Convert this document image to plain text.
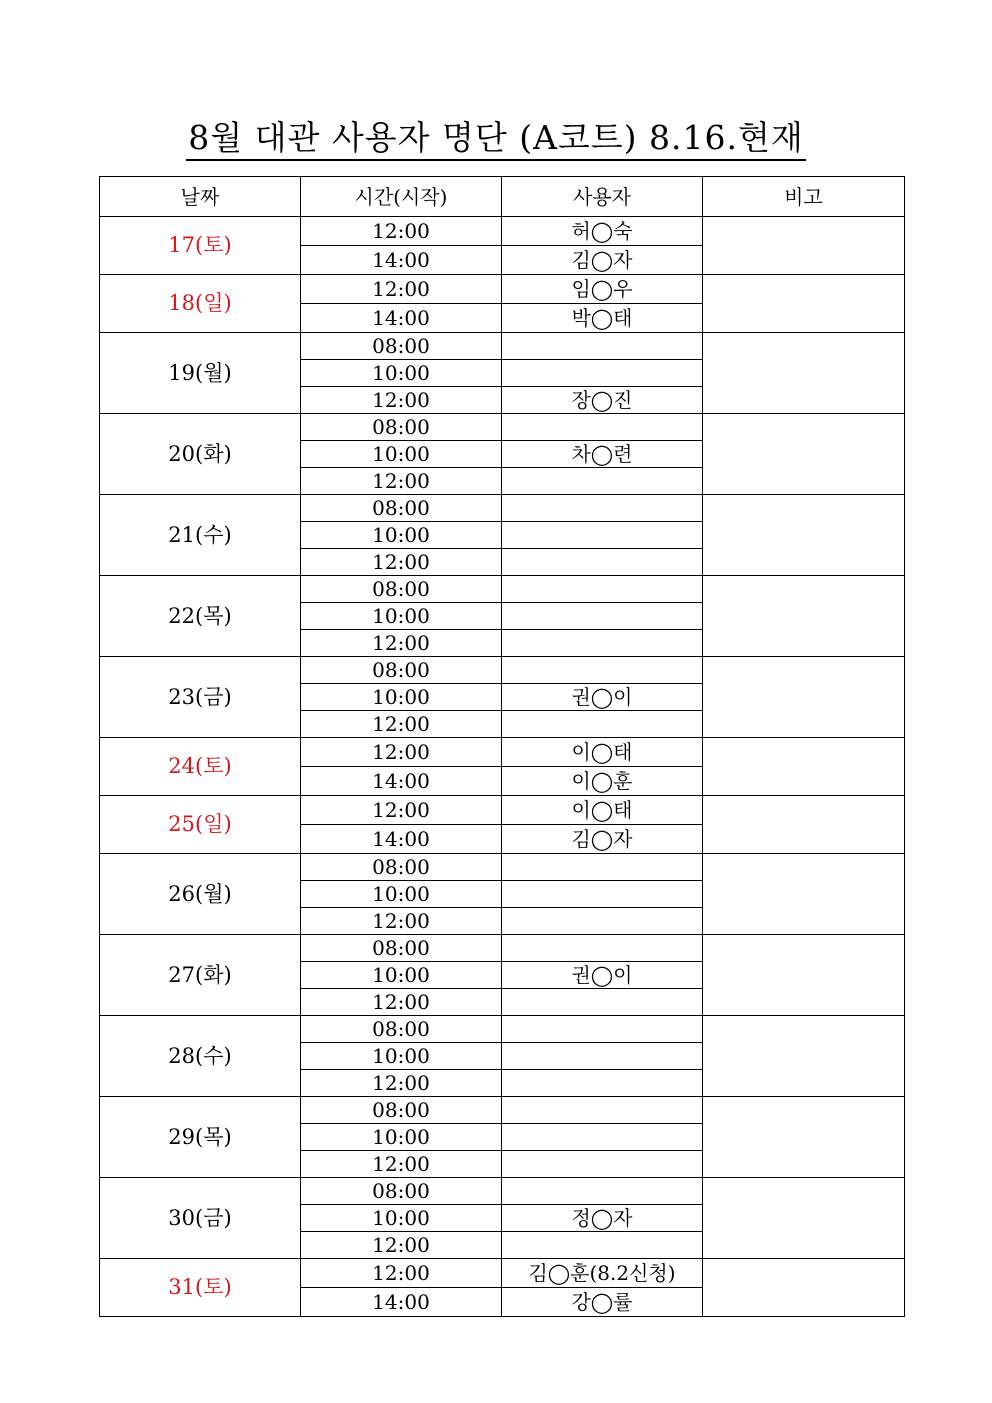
8월 대관 사용자 명단 (A코트) 8.16.현재
날짜	시간(시작)	사용자	비고
17(토)	12:00	허◯숙	
	14:00	김◯자	
18(일)	12:00	임◯우	
	14:00	박◯태	
19(월)	08:00		
	10:00		
	12:00	장◯진	
20(화)	08:00		
	10:00	차◯련	
	12:00		
21(수)	08:00		
	10:00		
	12:00		
22(목)	08:00		
	10:00		
	12:00		
23(금)	08:00		
	10:00	권◯이	
	12:00		
24(토)	12:00	이◯태	
	14:00	이◯훈	
25(일)	12:00	이◯태	
	14:00	김◯자	
26(월)	08:00		
	10:00		
	12:00		
27(화)	08:00		
	10:00	권◯이	
	12:00		
28(수)	08:00		
	10:00		
	12:00		
29(목)	08:00		
	10:00		
	12:00		
30(금)	08:00		
	10:00	정◯자	
	12:00		
31(토)	12:00	김◯훈(8.2신청)	
	14:00	강◯률	
